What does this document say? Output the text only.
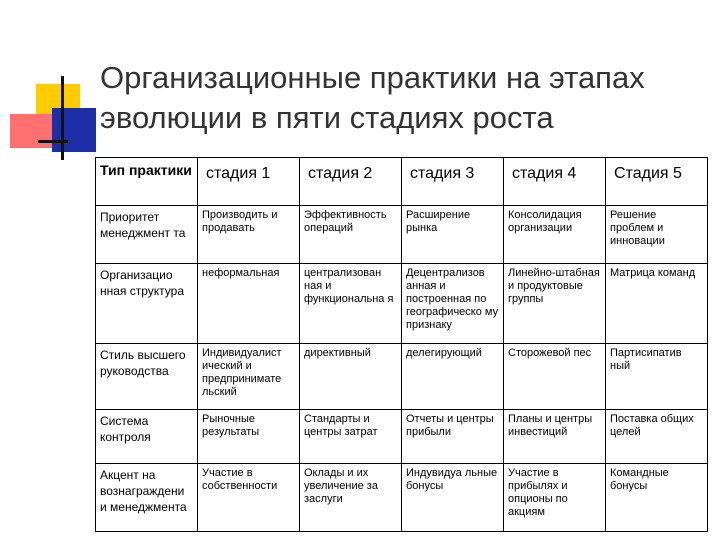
Организационные практики на этапах
эволюции в пяти стадиях роста
Тип практики	стадия 1	стадия 2	стадия 3	стадия 4	Стадия 5
Приоритет менеджмент та	Производить и продавать	Эффективность операций	Расширение рынка	Консолидация организации	Решение проблем и инновации
Организацио нная структура	неформальная	централизован ная и функциональна я	Децентрализов анная и построенная по географическо му признаку	Линейно-штабная и продуктовые группы	Матрица команд
Стиль высшего руководства	Индивидуалист ический и предпринимате льский	директивный	делегирующий	Сторожевой пес	Партисипатив ный
Система контроля	Рыночные результаты	Стандарты и центры затрат	Отчеты и центры прибыли	Планы и центры инвестиций	Поставка общих целей
Акцент на вознаграждени и менеджмента	Участие в собственности	Оклады и их увеличение за заслуги	Индувидуа льные бонусы	Участие в прибылях и опционы по акциям	Командные бонусы
